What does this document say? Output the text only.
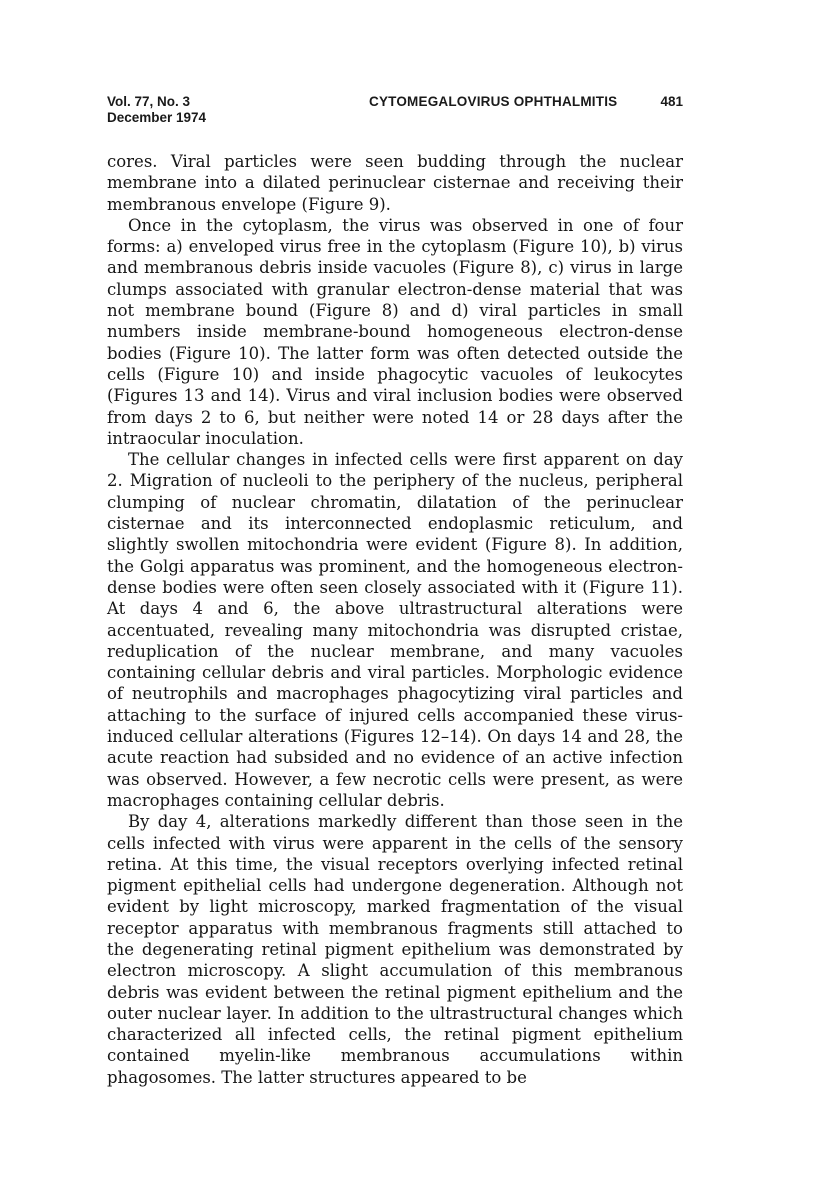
Vol. 77, No. 3
December 1974
CYTOMEGALOVIRUS OPHTHALMITIS	481

cores. Viral particles were seen budding through the nuclear membrane into a dilated perinuclear cisternae and receiving their membranous envelope (Figure 9).

Once in the cytoplasm, the virus was observed in one of four forms: a) enveloped virus free in the cytoplasm (Figure 10), b) virus and membranous debris inside vacuoles (Figure 8), c) virus in large clumps associated with granular electron-dense material that was not membrane bound (Figure 8) and d) viral particles in small numbers inside membrane-bound homogeneous electron-dense bodies (Figure 10). The latter form was often detected outside the cells (Figure 10) and inside phagocytic vacuoles of leukocytes (Figures 13 and 14). Virus and viral inclusion bodies were observed from days 2 to 6, but neither were noted 14 or 28 days after the intraocular inoculation.

The cellular changes in infected cells were first apparent on day 2. Migration of nucleoli to the periphery of the nucleus, peripheral clumping of nuclear chromatin, dilatation of the perinuclear cisternae and its interconnected endoplasmic reticulum, and slightly swollen mitochondria were evident (Figure 8). In addition, the Golgi apparatus was prominent, and the homogeneous electron-dense bodies were often seen closely associated with it (Figure 11). At days 4 and 6, the above ultrastructural alterations were accentuated, revealing many mitochondria was disrupted cristae, reduplication of the nuclear membrane, and many vacuoles containing cellular debris and viral particles. Morphologic evidence of neutrophils and macrophages phagocytizing viral particles and attaching to the surface of injured cells accompanied these virus-induced cellular alterations (Figures 12–14). On days 14 and 28, the acute reaction had subsided and no evidence of an active infection was observed. However, a few necrotic cells were present, as were macrophages containing cellular debris.

By day 4, alterations markedly different than those seen in the cells infected with virus were apparent in the cells of the sensory retina. At this time, the visual receptors overlying infected retinal pigment epithelial cells had undergone degeneration. Although not evident by light microscopy, marked fragmentation of the visual receptor apparatus with membranous fragments still attached to the degenerating retinal pigment epithelium was demonstrated by electron microscopy. A slight accumulation of this membranous debris was evident between the retinal pigment epithelium and the outer nuclear layer. In addition to the ultrastructural changes which characterized all infected cells, the retinal pigment epithelium contained myelin-like membranous accumulations within phagosomes. The latter structures appeared to be
